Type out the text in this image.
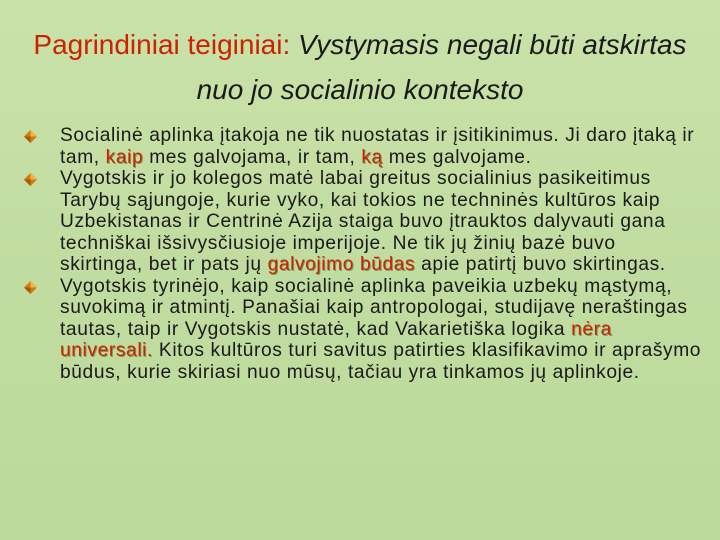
Pagrindiniai teiginiai: Vystymasis negali būti atskirtas nuo jo socialinio konteksto
Socialinė aplinka įtakoja ne tik nuostatas ir įsitikinimus. Ji daro įtaką ir tam, kaip mes galvojama, ir tam, ką mes galvojame.
Vygotskis ir jo kolegos matė labai greitus socialinius pasikeitimus Tarybų sąjungoje, kurie vyko, kai tokios ne techninės kultūros kaip Uzbekistanas ir Centrinė Azija staiga buvo įtrauktos dalyvauti gana techniškai išsivysčiusioje imperijoje. Ne tik jų žinių bazė buvo skirtinga, bet ir pats jų galvojimo būdas apie patirtį buvo skirtingas.
Vygotskis tyrinėjo, kaip socialinė aplinka paveikia uzbekų mąstymą, suvokimą ir atmintį. Panašiai kaip antropologai, studijavę neraštingas tautas, taip ir Vygotskis nustatė, kad Vakarietiška logika nėra universali. Kitos kultūros turi savitus patirties klasifikavimo ir aprašymo būdus, kurie skiriasi nuo mūsų, tačiau yra tinkamos jų aplinkoje.
